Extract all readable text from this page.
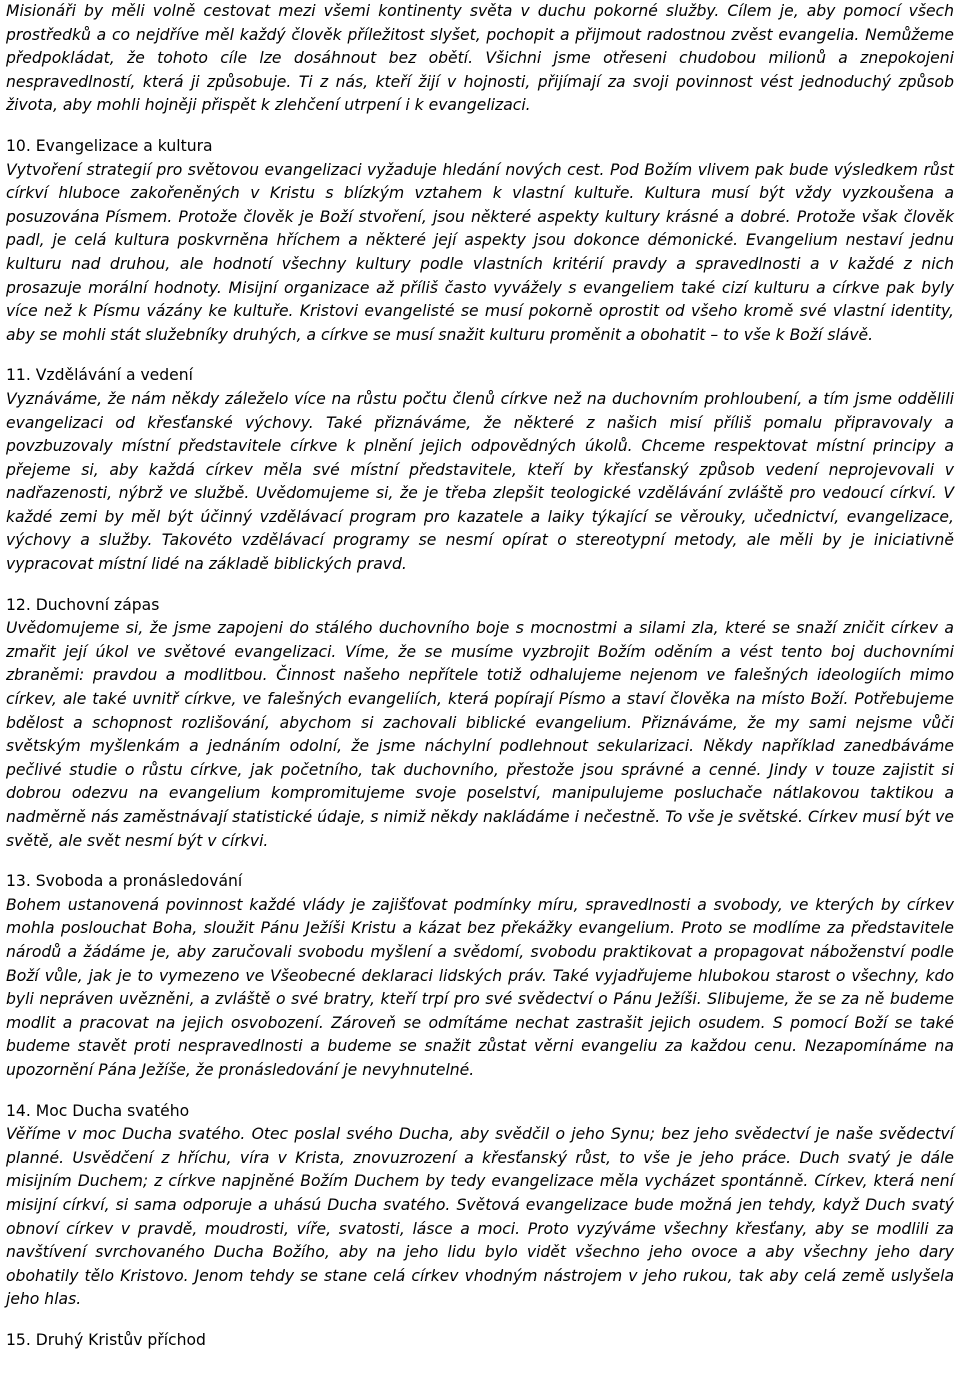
Misionáři by měli volně cestovat mezi všemi kontinenty světa v duchu pokorné služby. Cílem je, aby pomocí všech prostředků a co nejdříve měl každý člověk příležitost slyšet, pochopit a přijmout radostnou zvěst evangelia. Nemůžeme předpokládat, že tohoto cíle lze dosáhnout bez obětí. Všichni jsme otřeseni chudobou milionů a znepokojeni nespravedlností, která ji způsobuje. Ti z nás, kteří žijí v hojnosti, přijímají za svoji povinnost vést jednoduchý způsob života, aby mohli hojněji přispět k zlehčení utrpení i k evangelizaci.

10. Evangelizace a kultura

Vytvoření strategií pro světovou evangelizaci vyžaduje hledání nových cest. Pod Božím vlivem pak bude výsledkem růst církví hluboce zakořeněných v Kristu s blízkým vztahem k vlastní kultuře. Kultura musí být vždy vyzkoušena a posuzována Písmem. Protože člověk je Boží stvoření, jsou některé aspekty kultury krásné a dobré. Protože však člověk padl, je celá kultura poskvrněna hříchem a některé její aspekty jsou dokonce démonické. Evangelium nestaví jednu kulturu nad druhou, ale hodnotí všechny kultury podle vlastních kritérií pravdy a spravedlnosti a v každé z nich prosazuje morální hodnoty. Misijní organizace až příliš často vyvážely s evangeliem také cizí kulturu a církve pak byly více než k Písmu vázány ke kultuře. Kristovi evangelisté se musí pokorně oprostit od všeho kromě své vlastní identity, aby se mohli stát služebníky druhých, a církve se musí snažit kulturu proměnit a obohatit – to vše k Boží slávě.

11. Vzdělávání a vedení

Vyznáváme, že nám někdy záleželo více na růstu počtu členů církve než na duchovním prohloubení, a tím jsme oddělili evangelizaci od křesťanské výchovy. Také přiznáváme, že některé z našich misí příliš pomalu připravovaly a povzbuzovaly místní představitele církve k plnění jejich odpovědných úkolů. Chceme respektovat místní principy a přejeme si, aby každá církev měla své místní představitele, kteří by křesťanský způsob vedení neprojevovali v nadřazenosti, nýbrž ve službě. Uvědomujeme si, že je třeba zlepšit teologické vzdělávání zvláště pro vedoucí církví. V každé zemi by měl být účinný vzdělávací program pro kazatele a laiky týkající se věrouky, učednictví, evangelizace, výchovy a služby. Takovéto vzdělávací programy se nesmí opírat o stereotypní metody, ale měli by je iniciativně vypracovat místní lidé na základě biblických pravd.

12. Duchovní zápas

Uvědomujeme si, že jsme zapojeni do stálého duchovního boje s mocnostmi a silami zla, které se snaží zničit církev a zmařit její úkol ve světové evangelizaci. Víme, že se musíme vyzbrojit Božím oděním a vést tento boj duchovními zbraněmi: pravdou a modlitbou. Činnost našeho nepřítele totiž odhalujeme nejenom ve falešných ideologiích mimo církev, ale také uvnitř církve, ve falešných evangeliích, která popírají Písmo a staví člověka na místo Boží. Potřebujeme bdělost a schopnost rozlišování, abychom si zachovali biblické evangelium. Přiznáváme, že my sami nejsme vůči světským myšlenkám a jednáním odolní, že jsme náchylní podlehnout sekularizaci. Někdy například zanedbáváme pečlivé studie o růstu církve, jak početního, tak duchovního, přestože jsou správné a cenné. Jindy v touze zajistit si dobrou odezvu na evangelium kompromitujeme svoje poselství, manipulujeme posluchače nátlakovou taktikou a nadměrně nás zaměstnávají statistické údaje, s nimiž někdy nakládáme i nečestně. To vše je světské. Církev musí být ve světě, ale svět nesmí být v církvi.

13. Svoboda a pronásledování

Bohem ustanovená povinnost každé vlády je zajišťovat podmínky míru, spravedlnosti a svobody, ve kterých by církev mohla poslouchat Boha, sloužit Pánu Ježíši Kristu a kázat bez překážky evangelium. Proto se modlíme za představitele národů a žádáme je, aby zaručovali svobodu myšlení a svědomí, svobodu praktikovat a propagovat náboženství podle Boží vůle, jak je to vymezeno ve Všeobecné deklaraci lidských práv. Také vyjadřujeme hlubokou starost o všechny, kdo byli nepráven uvězněni, a zvláště o své bratry, kteří trpí pro své svědectví o Pánu Ježíši. Slibujeme, že se za ně budeme modlit a pracovat na jejich osvobození. Zároveň se odmítáme nechat zastrašit jejich osudem. S pomocí Boží se také budeme stavět proti nespravedlnosti a budeme se snažit zůstat věrni evangeliu za každou cenu. Nezapomínáme na upozornění Pána Ježíše, že pronásledování je nevyhnutelné.

14. Moc Ducha svatého

Věříme v moc Ducha svatého. Otec poslal svého Ducha, aby svědčil o jeho Synu; bez jeho svědectví je naše svědectví planné. Usvědčení z hříchu, víra v Krista, znovuzrození a křesťanský růst, to vše je jeho práce. Duch svatý je dále misijním Duchem; z církve napjněné Božím Duchem by tedy evangelizace měla vycházet spontánně. Církev, která není misijní církví, si sama odporuje a uhású Ducha svatého. Světová evangelizace bude možná jen tehdy, když Duch svatý obnoví církev v pravdě, moudrosti, víře, svatosti, lásce a moci. Proto vyzýváme všechny křesťany, aby se modlili za navštívení svrchovaného Ducha Božího, aby na jeho lidu bylo vidět všechno jeho ovoce a aby všechny jeho dary obohatily tělo Kristovo. Jenom tehdy se stane celá církev vhodným nástrojem v jeho rukou, tak aby celá země uslyšela jeho hlas.

15. Druhý Kristův příchod
